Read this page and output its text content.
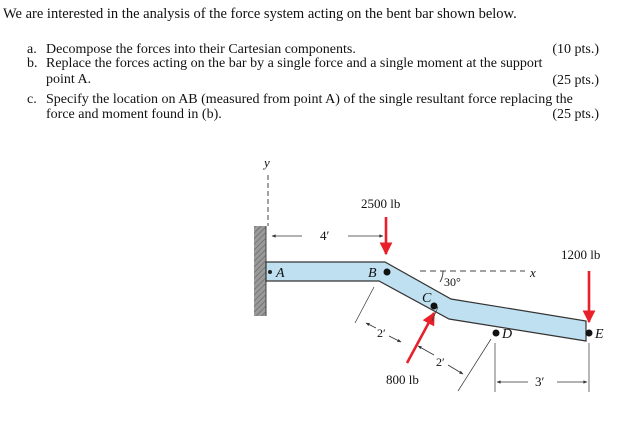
We are interested in the analysis of the force system acting on the bent bar shown below.
a. Decompose the forces into their Cartesian components.	(10 pts.)
b. Replace the forces acting on the bar by a single force and a single moment at the support
point A.	(25 pts.)
c. Specify the location on AB (measured from point A) of the single resultant force replacing the
force and moment found in (b).	(25 pts.)
y
x
30°
A	B
C
D	E
4′
2500 lb
1200 lb
800 lb
2′
2′
3′
